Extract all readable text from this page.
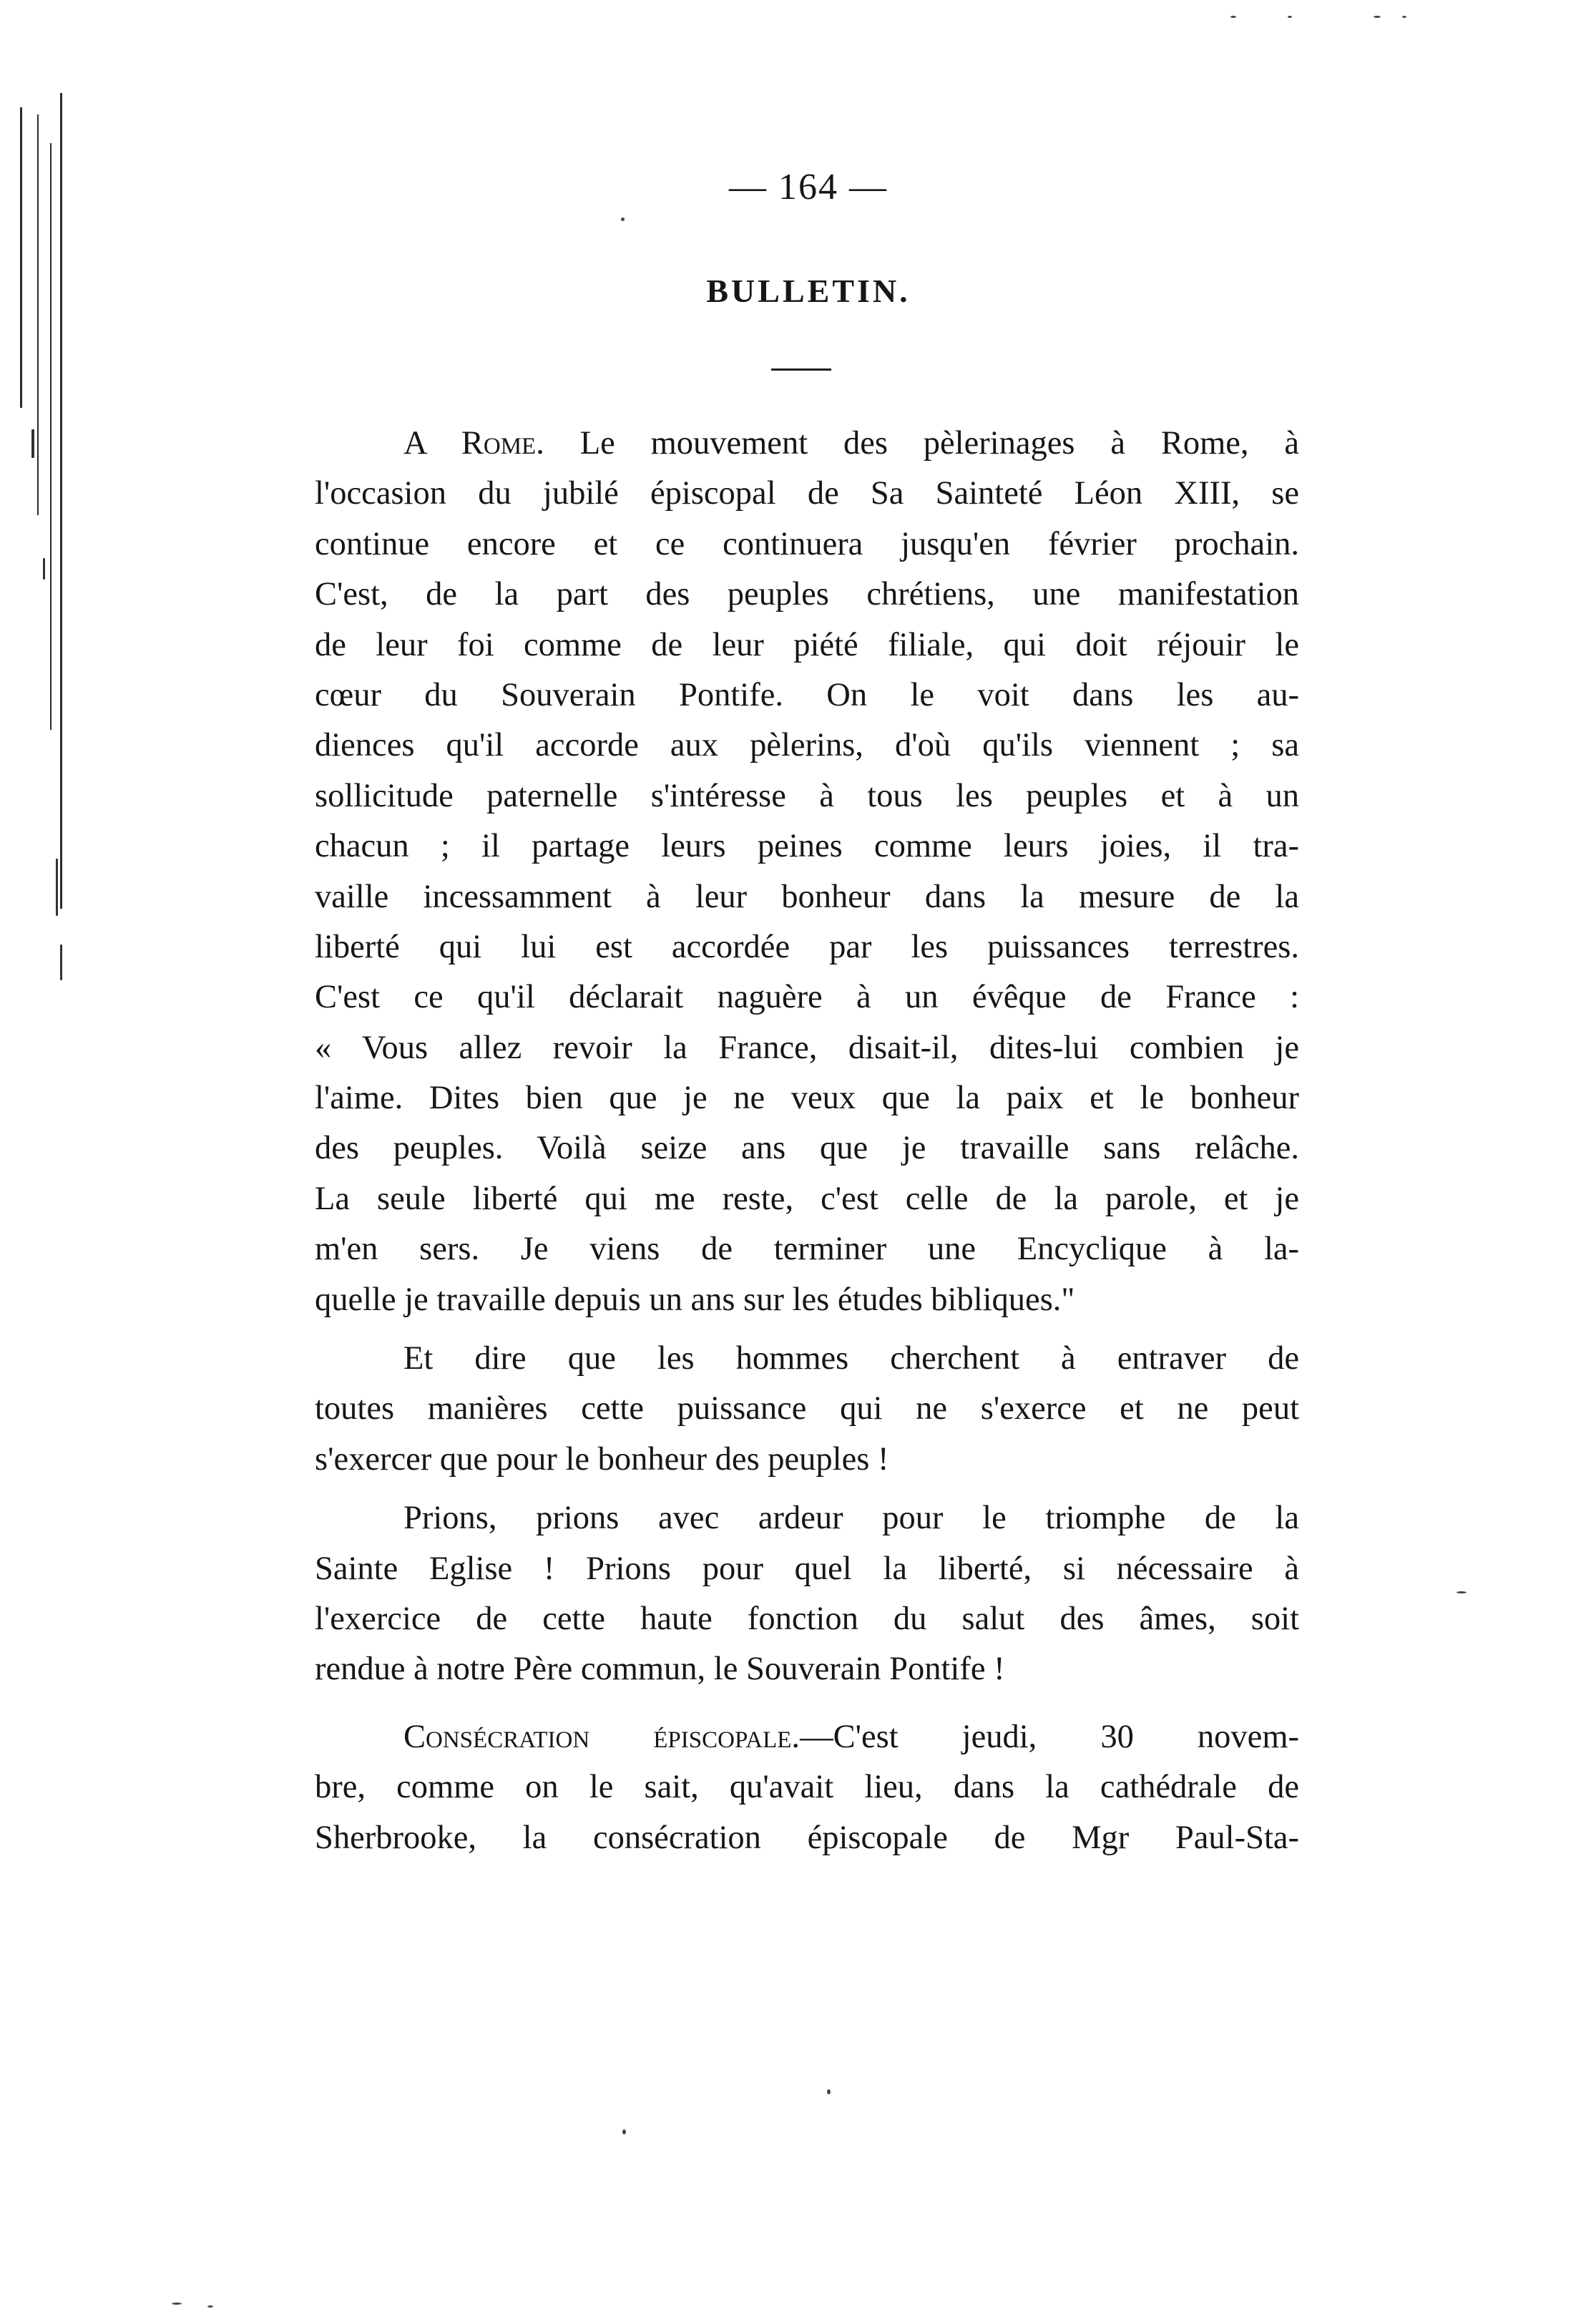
— 164 —
BULLETIN.
A Rome. Le mouvement des pèlerinages à Rome, à
l'occasion du jubilé épiscopal de Sa Sainteté Léon XIII, se
continue encore et ce continuera jusqu'en février prochain.
C'est, de la part des peuples chrétiens, une manifestation
de leur foi comme de leur piété filiale, qui doit réjouir le
cœur du Souverain Pontife. On le voit dans les au-
diences qu'il accorde aux pèlerins, d'où qu'ils viennent ; sa
sollicitude paternelle s'intéresse à tous les peuples et à un
chacun ; il partage leurs peines comme leurs joies, il tra-
vaille incessamment à leur bonheur dans la mesure de la
liberté qui lui est accordée par les puissances terrestres.
C'est ce qu'il déclarait naguère à un évêque de France :
« Vous allez revoir la France, disait-il, dites-lui combien je
l'aime. Dites bien que je ne veux que la paix et le bonheur
des peuples. Voilà seize ans que je travaille sans relâche.
La seule liberté qui me reste, c'est celle de la parole, et je
m'en sers. Je viens de terminer une Encyclique à la-
quelle je travaille depuis un ans sur les études bibliques."
Et dire que les hommes cherchent à entraver de
toutes manières cette puissance qui ne s'exerce et ne peut
s'exercer que pour le bonheur des peuples !
Prions, prions avec ardeur pour le triomphe de la
Sainte Eglise ! Prions pour quel la liberté, si nécessaire à
l'exercice de cette haute fonction du salut des âmes, soit
rendue à notre Père commun, le Souverain Pontife !
Consécration épiscopale.—C'est jeudi, 30 novem-
bre, comme on le sait, qu'avait lieu, dans la cathédrale de
Sherbrooke, la consécration épiscopale de Mgr Paul-Sta-
